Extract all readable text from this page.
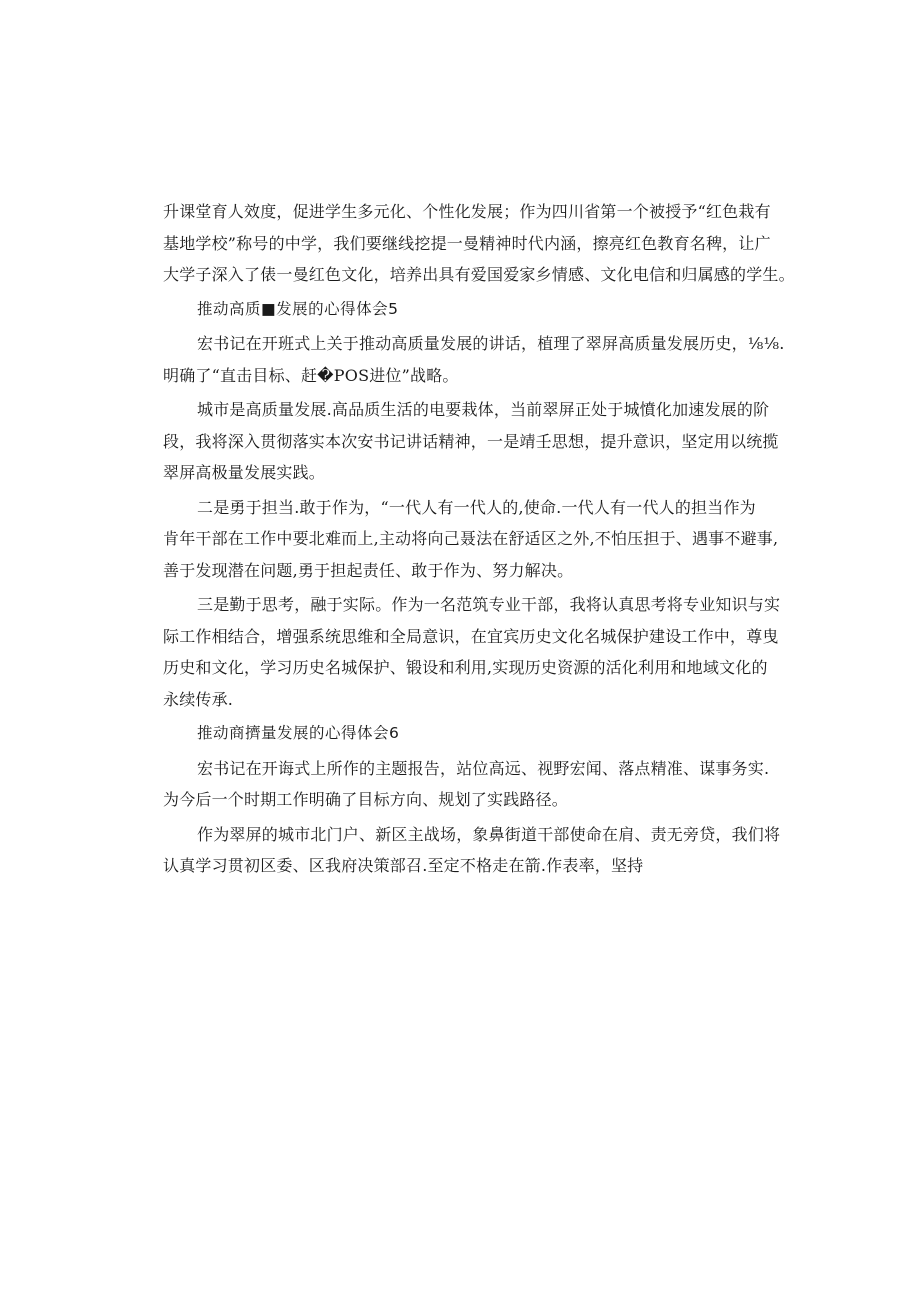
升课堂育人效度，促进学生多元化、个性化发展；作为四川省第一个被授予“红色栽有
基地学校”称号的中学，我们要继线挖提一曼精神时代内涵，擦亮红色教育名稗，让广
大学子深入了俵一曼红色文化，培养出具有爱国爱家乡情感、文化电信和归属感的学生。

推动高质■发展的心得体会5

宏书记在开班式上关于推动高质量发展的讲话，植理了翠屏高质量发展历史，⅛⅛.
明确了“直击目标、赶�POS进位”战略。

城市是高质量发展.高品质生活的电要栽体，当前翠屏正处于城憤化加速发展的阶
段，我将深入贯彻落实本次安书记讲话精神，一是靖壬思想，提升意识，坚定用以统揽
翠屏高极量发展实践。

二是勇于担当.敢于作为，“一代人有一代人的,使命.一代人有一代人的担当作为
肯年干部在工作中要北难而上,主动将向己聂法在舒适区之外,不怕压担于、遇事不避事,
善于发现潜在问题,勇于担起责任、敢于作为、努力解决。

三是勤于思考，融于实际。作为一名范筑专业干部，我将认真思考将专业知识与实
际工作相结合，增强系统思维和全局意识，在宜宾历史文化名城保护建设工作中，尊曳
历史和文化，学习历史名城保护、锻设和利用,实现历史资源的活化利用和地域文化的
永续传承.

推动商擠量发展的心得体会6

宏书记在开诲式上所作的主题报告，站位高远、视野宏闻、落点精准、谋事务实.
为今后一个时期工作明确了目标方向、规划了实践路径。

作为翠屏的城市北门户、新区主战场，象鼻街道干部使命在肩、责无旁贷，我们将
认真学习贯初区委、区我府决策部召.至定不格走在箭.作表率，坚持
